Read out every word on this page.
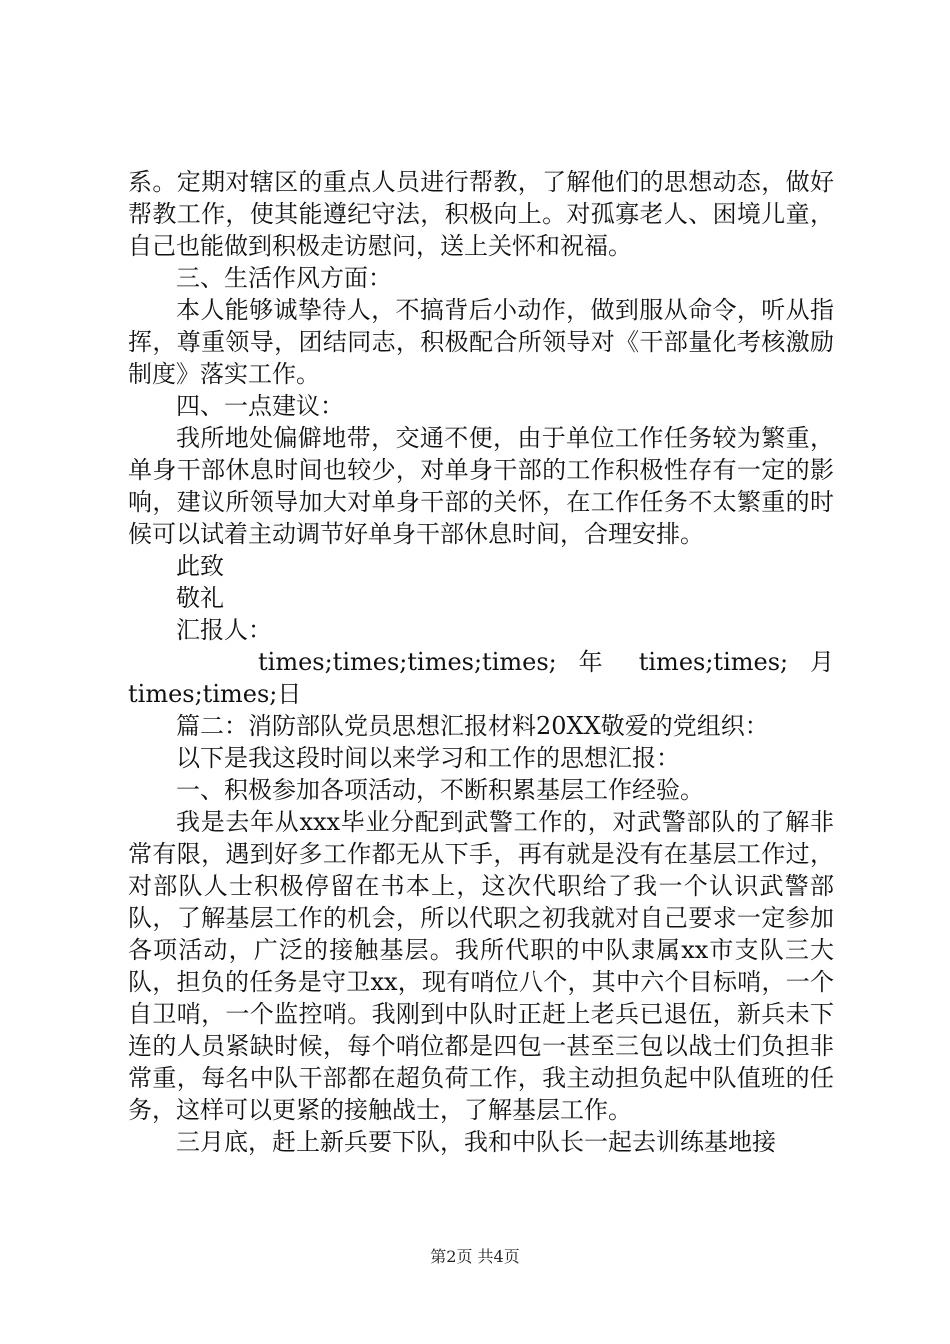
系。定期对辖区的重点人员进行帮教，了解他们的思想动态，做好帮教工作，使其能遵纪守法，积极向上。对孤寡老人、困境儿童，自己也能做到积极走访慰问，送上关怀和祝福。

三、生活作风方面：

本人能够诚挚待人，不搞背后小动作，做到服从命令，听从指挥，尊重领导，团结同志，积极配合所领导对《干部量化考核激励制度》落实工作。

四、一点建议：

我所地处偏僻地带，交通不便，由于单位工作任务较为繁重，单身干部休息时间也较少，对单身干部的工作积极性存有一定的影响，建议所领导加大对单身干部的关怀，在工作任务不太繁重的时候可以试着主动调节好单身干部休息时间，合理安排。

此致

敬礼

汇报人：

times;times;times;times; 年 times;times; 月 times;times;日

篇二：消防部队党员思想汇报材料20XX敬爱的党组织：

以下是我这段时间以来学习和工作的思想汇报：

一、积极参加各项活动，不断积累基层工作经验。

我是去年从xxx毕业分配到武警工作的，对武警部队的了解非常有限，遇到好多工作都无从下手，再有就是没有在基层工作过，对部队人士积极停留在书本上，这次代职给了我一个认识武警部队，了解基层工作的机会，所以代职之初我就对自己要求一定参加各项活动，广泛的接触基层。我所代职的中队隶属xx市支队三大队，担负的任务是守卫xx，现有哨位八个，其中六个目标哨，一个自卫哨，一个监控哨。我刚到中队时正赶上老兵已退伍，新兵未下连的人员紧缺时候，每个哨位都是四包一甚至三包以战士们负担非常重，每名中队干部都在超负荷工作，我主动担负起中队值班的任务，这样可以更紧的接触战士，了解基层工作。

三月底，赶上新兵要下队，我和中队长一起去训练基地接

第2页 共4页
